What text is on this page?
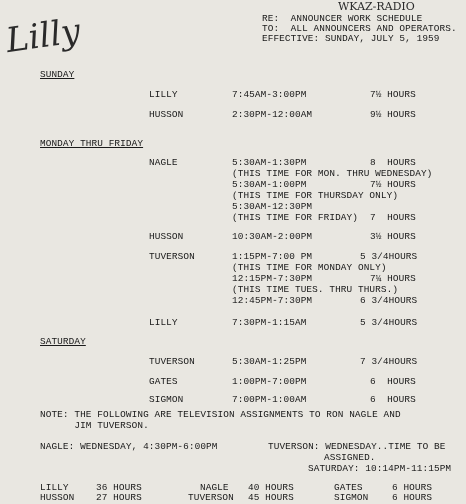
Lilly
WKAZ-RADIO
RE:  ANNOUNCER WORK SCHEDULE
TO:  ALL ANNOUNCERS AND OPERATORS.
EFFECTIVE: SUNDAY, JULY 5, 1959
SUNDAY
LILLY	7:45AM-3:00PM	7½ HOURS
HUSSON	2:30PM-12:00AM	9½ HOURS
MONDAY THRU FRIDAY
NAGLE	5:30AM-1:30PM	8  HOURS
(THIS TIME FOR MON. THRU WEDNESDAY)
5:30AM-1:00PM	7½ HOURS
(THIS TIME FOR THURSDAY ONLY)
5:30AM-12:30PM
(THIS TIME FOR FRIDAY) 7  HOURS
HUSSON	10:30AM-2:00PM	3½ HOURS
TUVERSON	1:15PM-7:00 PM	5 3/4HOURS
(THIS TIME FOR MONDAY ONLY)
12:15PM-7:30PM	7¼ HOURS
(THIS TIME TUES. THRU THURS.)
12:45PM-7:30PM	6 3/4HOURS
LILLY	7:30PM-1:15AM	5 3/4HOURS
SATURDAY
TUVERSON	5:30AM-1:25PM	7 3/4HOURS
GATES	1:00PM-7:00PM	6  HOURS
SIGMON	7:00PM-1:00AM	6  HOURS
NOTE: THE FOLLOWING ARE TELEVISION ASSIGNMENTS TO RON NAGLE AND
JIM TUVERSON.
NAGLE: WEDNESDAY, 4:30PM-6:00PM	TUVERSON: WEDNESDAY..TIME TO BE
ASSIGNED.
SATURDAY: 10:14PM-11:15PM
LILLY	36 HOURS
HUSSON 27 HOURS
NAGLE 40 HOURS
TUVERSON 45 HOURS
GATES	6 HOURS
SIGMON	6 HOURS
